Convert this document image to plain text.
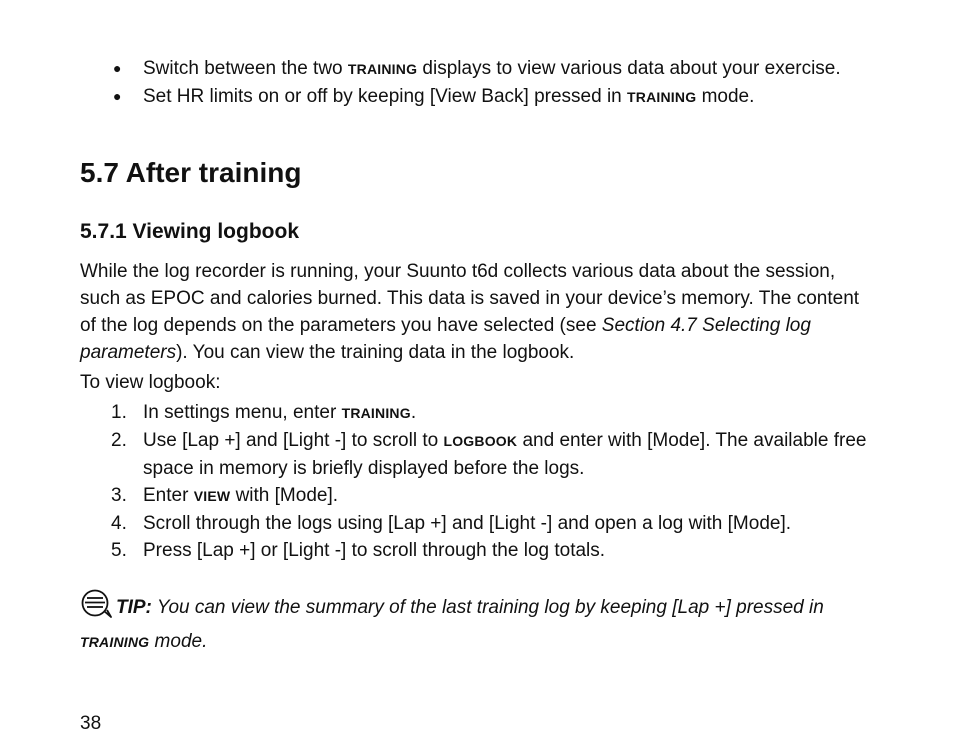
● Switch between the two TRAINING displays to view various data about your exercise.
● Set HR limits on or off by keeping [View Back] pressed in TRAINING mode.
5.7 After training
5.7.1 Viewing logbook

While the log recorder is running, your Suunto t6d collects various data about the session, such as EPOC and calories burned. This data is saved in your device’s memory. The content of the log depends on the parameters you have selected (see Section 4.7 Selecting log parameters). You can view the training data in the logbook.

To view logbook:

1. In settings menu, enter TRAINING.
2. Use [Lap +] and [Light -] to scroll to LOGBOOK and enter with [Mode]. The available free space in memory is briefly displayed before the logs.
3. Enter VIEW with [Mode].
4. Scroll through the logs using [Lap +] and [Light -] and open a log with [Mode].
5. Press [Lap +] or [Light -] to scroll through the log totals.
TIP: You can view the summary of the last training log by keeping [Lap +] pressed in
TRAINING mode.
38
